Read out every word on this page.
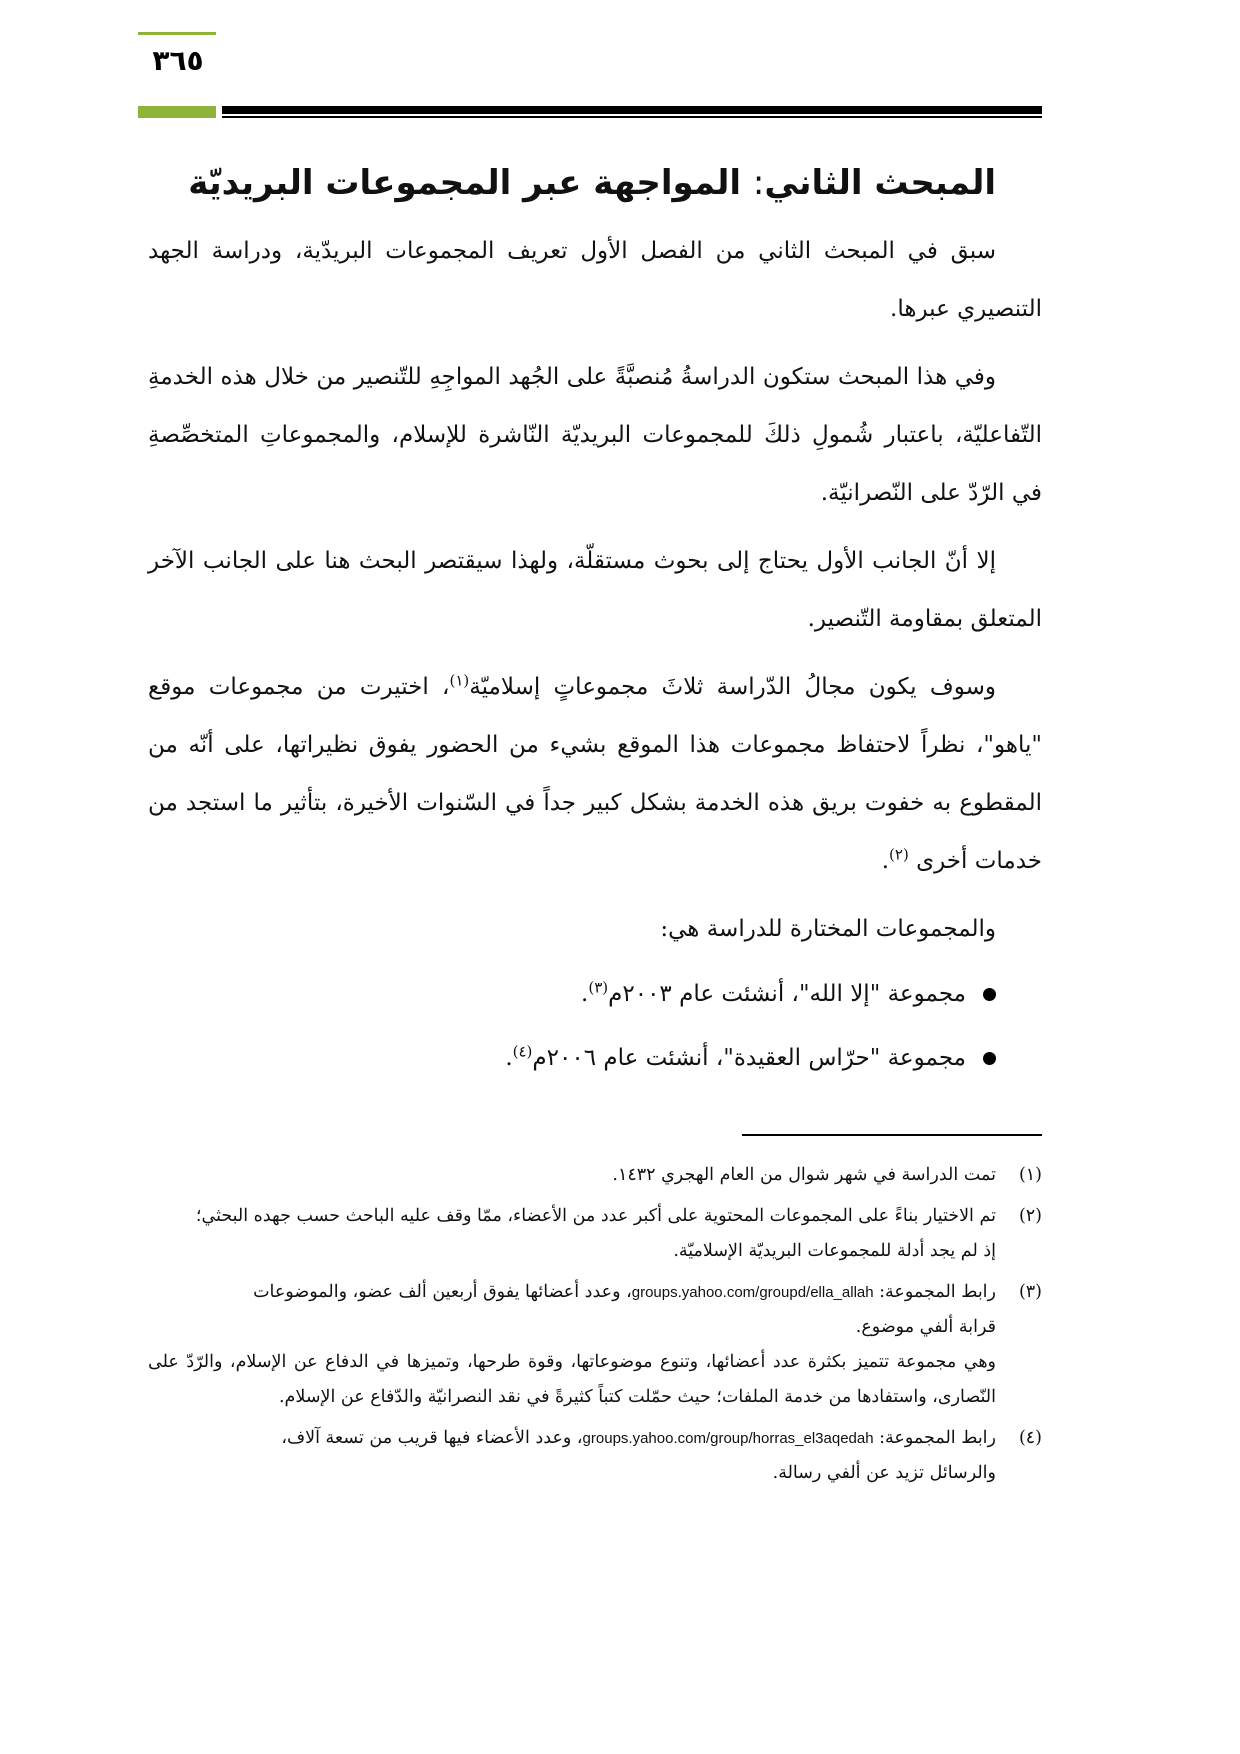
٣٦٥
المبحث الثاني: المواجهة عبر المجموعات البريديّة

سبق في المبحث الثاني من الفصل الأول تعريف المجموعات البريدّية، ودراسة الجهد التنصيري عبرها.

وفي هذا المبحث ستكون الدراسةُ مُنصبَّةً على الجُهد المواجِهِ للتّنصير من خلال هذه الخدمةِ التّفاعليّة، باعتبار شُمولِ ذلكَ للمجموعات البريديّة النّاشرة للإسلام، والمجموعاتِ المتخصِّصةِ في الرّدّ على النّصرانيّة.

إلا أنّ الجانب الأول يحتاج إلى بحوث مستقلّة، ولهذا سيقتصر البحث هنا على الجانب الآخر المتعلق بمقاومة التّنصير.

وسوف يكون مجالُ الدّراسة ثلاثَ مجموعاتٍ إسلاميّة$^{(١)}$، اختيرت من مجموعات موقع "ياهو"، نظراً لاحتفاظ مجموعات هذا الموقع بشيء من الحضور يفوق نظيراتها، على أنّه من المقطوع به خفوت بريق هذه الخدمة بشكل كبير جداً في السّنوات الأخيرة، بتأثير ما استجد من خدمات أخرى $^{(٢)}$.

والمجموعات المختارة للدراسة هي:
مجموعة "إلا الله"، أنشئت عام ٢٠٠٣م$^{(٣)}$.
مجموعة "حرّاس العقيدة"، أنشئت عام ٢٠٠٦م$^{(٤)}$.
(١)تمت الدراسة في شهر شوال من العام الهجري ١٤٣٢.
(٢)تم الاختيار بناءً على المجموعات المحتوية على أكبر عدد من الأعضاء، ممّا وقف عليه الباحث حسب جهده البحثي؛
إذ لم يجد أدلة للمجموعات البريديّة الإسلاميّة.
(٣)رابط المجموعة: groups.yahoo.com/groupd/ella_allah، وعدد أعضائها يفوق أربعين ألف عضو، والموضوعات
قرابة ألفي موضوع.
وهي مجموعة تتميز بكثرة عدد أعضائها، وتنوع موضوعاتها، وقوة طرحها، وتميزها في الدفاع عن الإسلام، والرّدّ على النّصارى، واستفادها من خدمة الملفات؛ حيث حمّلت كتباً كثيرةً في نقد النصرانيّة والدّفاع عن الإسلام.
(٤)رابط المجموعة: groups.yahoo.com/group/horras_el3aqedah، وعدد الأعضاء فيها قريب من تسعة آلاف،
والرسائل تزيد عن ألفي رسالة.
